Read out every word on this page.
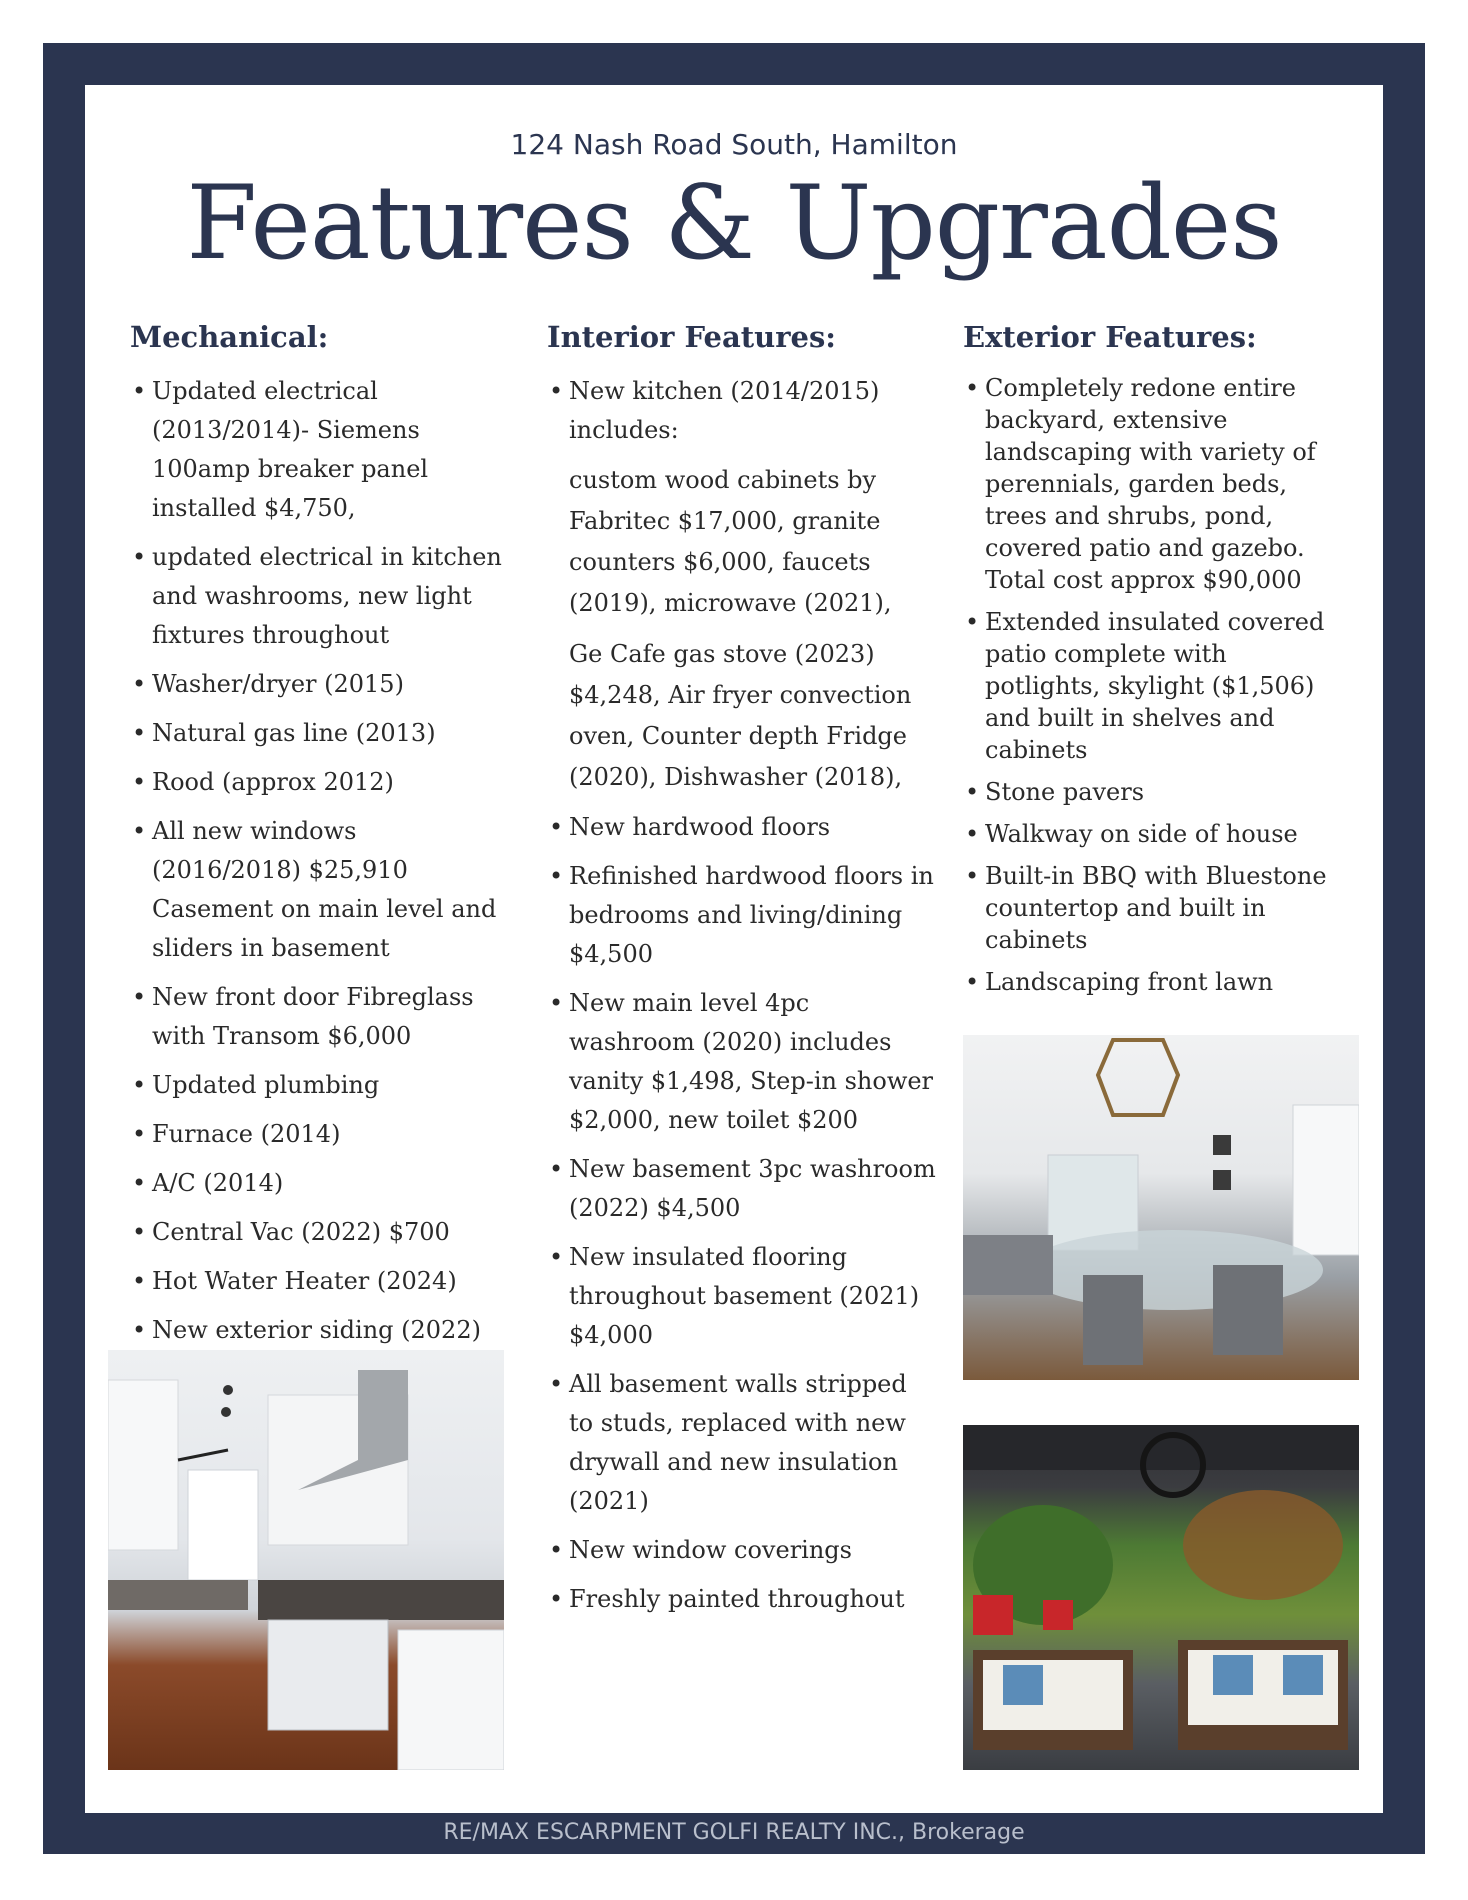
124 Nash Road South, Hamilton
Features & Upgrades
Mechanical:
• Updated electrical (2013/2014)- Siemens 100amp breaker panel installed $4,750,
• updated electrical in kitchen and washrooms, new light fixtures throughout
• Washer/dryer (2015)
• Natural gas line (2013)
• Rood (approx 2012)
• All new windows (2016/2018) $25,910 Casement on main level and sliders in basement
• New front door Fibreglass with Transom $6,000
• Updated plumbing
• Furnace (2014)
• A/C (2014)
• Central Vac (2022) $700
• Hot Water Heater (2024)
• New exterior siding (2022)
Interior Features:
• New kitchen (2014/2015) includes:

custom wood cabinets by Fabritec $17,000, granite counters $6,000, faucets (2019), microwave (2021),

Ge Cafe gas stove (2023) $4,248, Air fryer convection oven, Counter depth Fridge (2020), Dishwasher (2018),

• New hardwood floors
• Refinished hardwood floors in bedrooms and living/dining $4,500
• New main level 4pc washroom (2020) includes vanity $1,498, Step-in shower $2,000, new toilet $200
• New basement 3pc washroom (2022) $4,500
• New insulated flooring throughout basement (2021) $4,000
• All basement walls stripped to studs, replaced with new drywall and new insulation (2021)
• New window coverings
• Freshly painted throughout
Exterior Features:
• Completely redone entire backyard, extensive landscaping with variety of perennials, garden beds, trees and shrubs, pond, covered patio and gazebo. Total cost approx $90,000
• Extended insulated covered patio complete with potlights, skylight ($1,506) and built in shelves and cabinets
• Stone pavers
• Walkway on side of house
• Built-in BBQ with Bluestone countertop and built in cabinets
• Landscaping front lawn
RE/MAX ESCARPMENT GOLFI REALTY INC., Brokerage
